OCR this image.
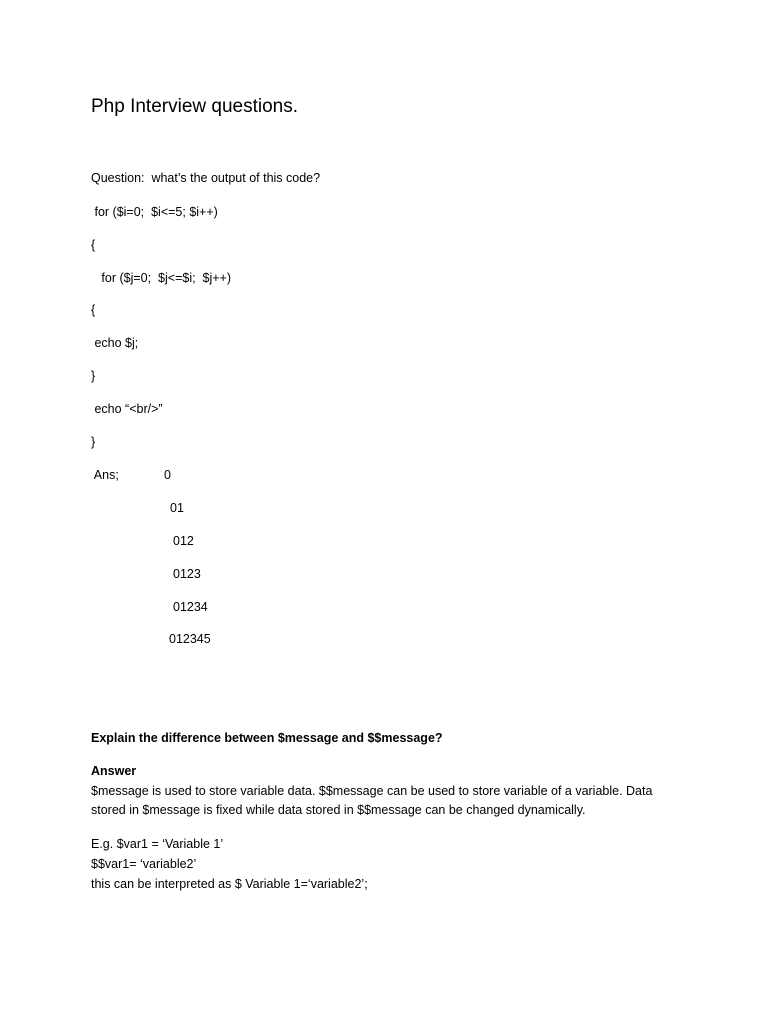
Php Interview questions.
Question:  what’s the output of this code?
for ($i=0;  $i<=5; $i++)
{
for ($j=0;  $j<=$i;  $j++)
{
echo $j;
}
echo “<br/>”
}
Ans;	0
01
012
0123
01234
012345
Explain the difference between $message and $$message?
Answer
$message is used to store variable data. $$message can be used to store variable of a variable. Data
stored in $message is fixed while data stored in $$message can be changed dynamically.
E.g. $var1 = ‘Variable 1’
$$var1= ‘variable2’
this can be interpreted as $ Variable 1=‘variable2’;
